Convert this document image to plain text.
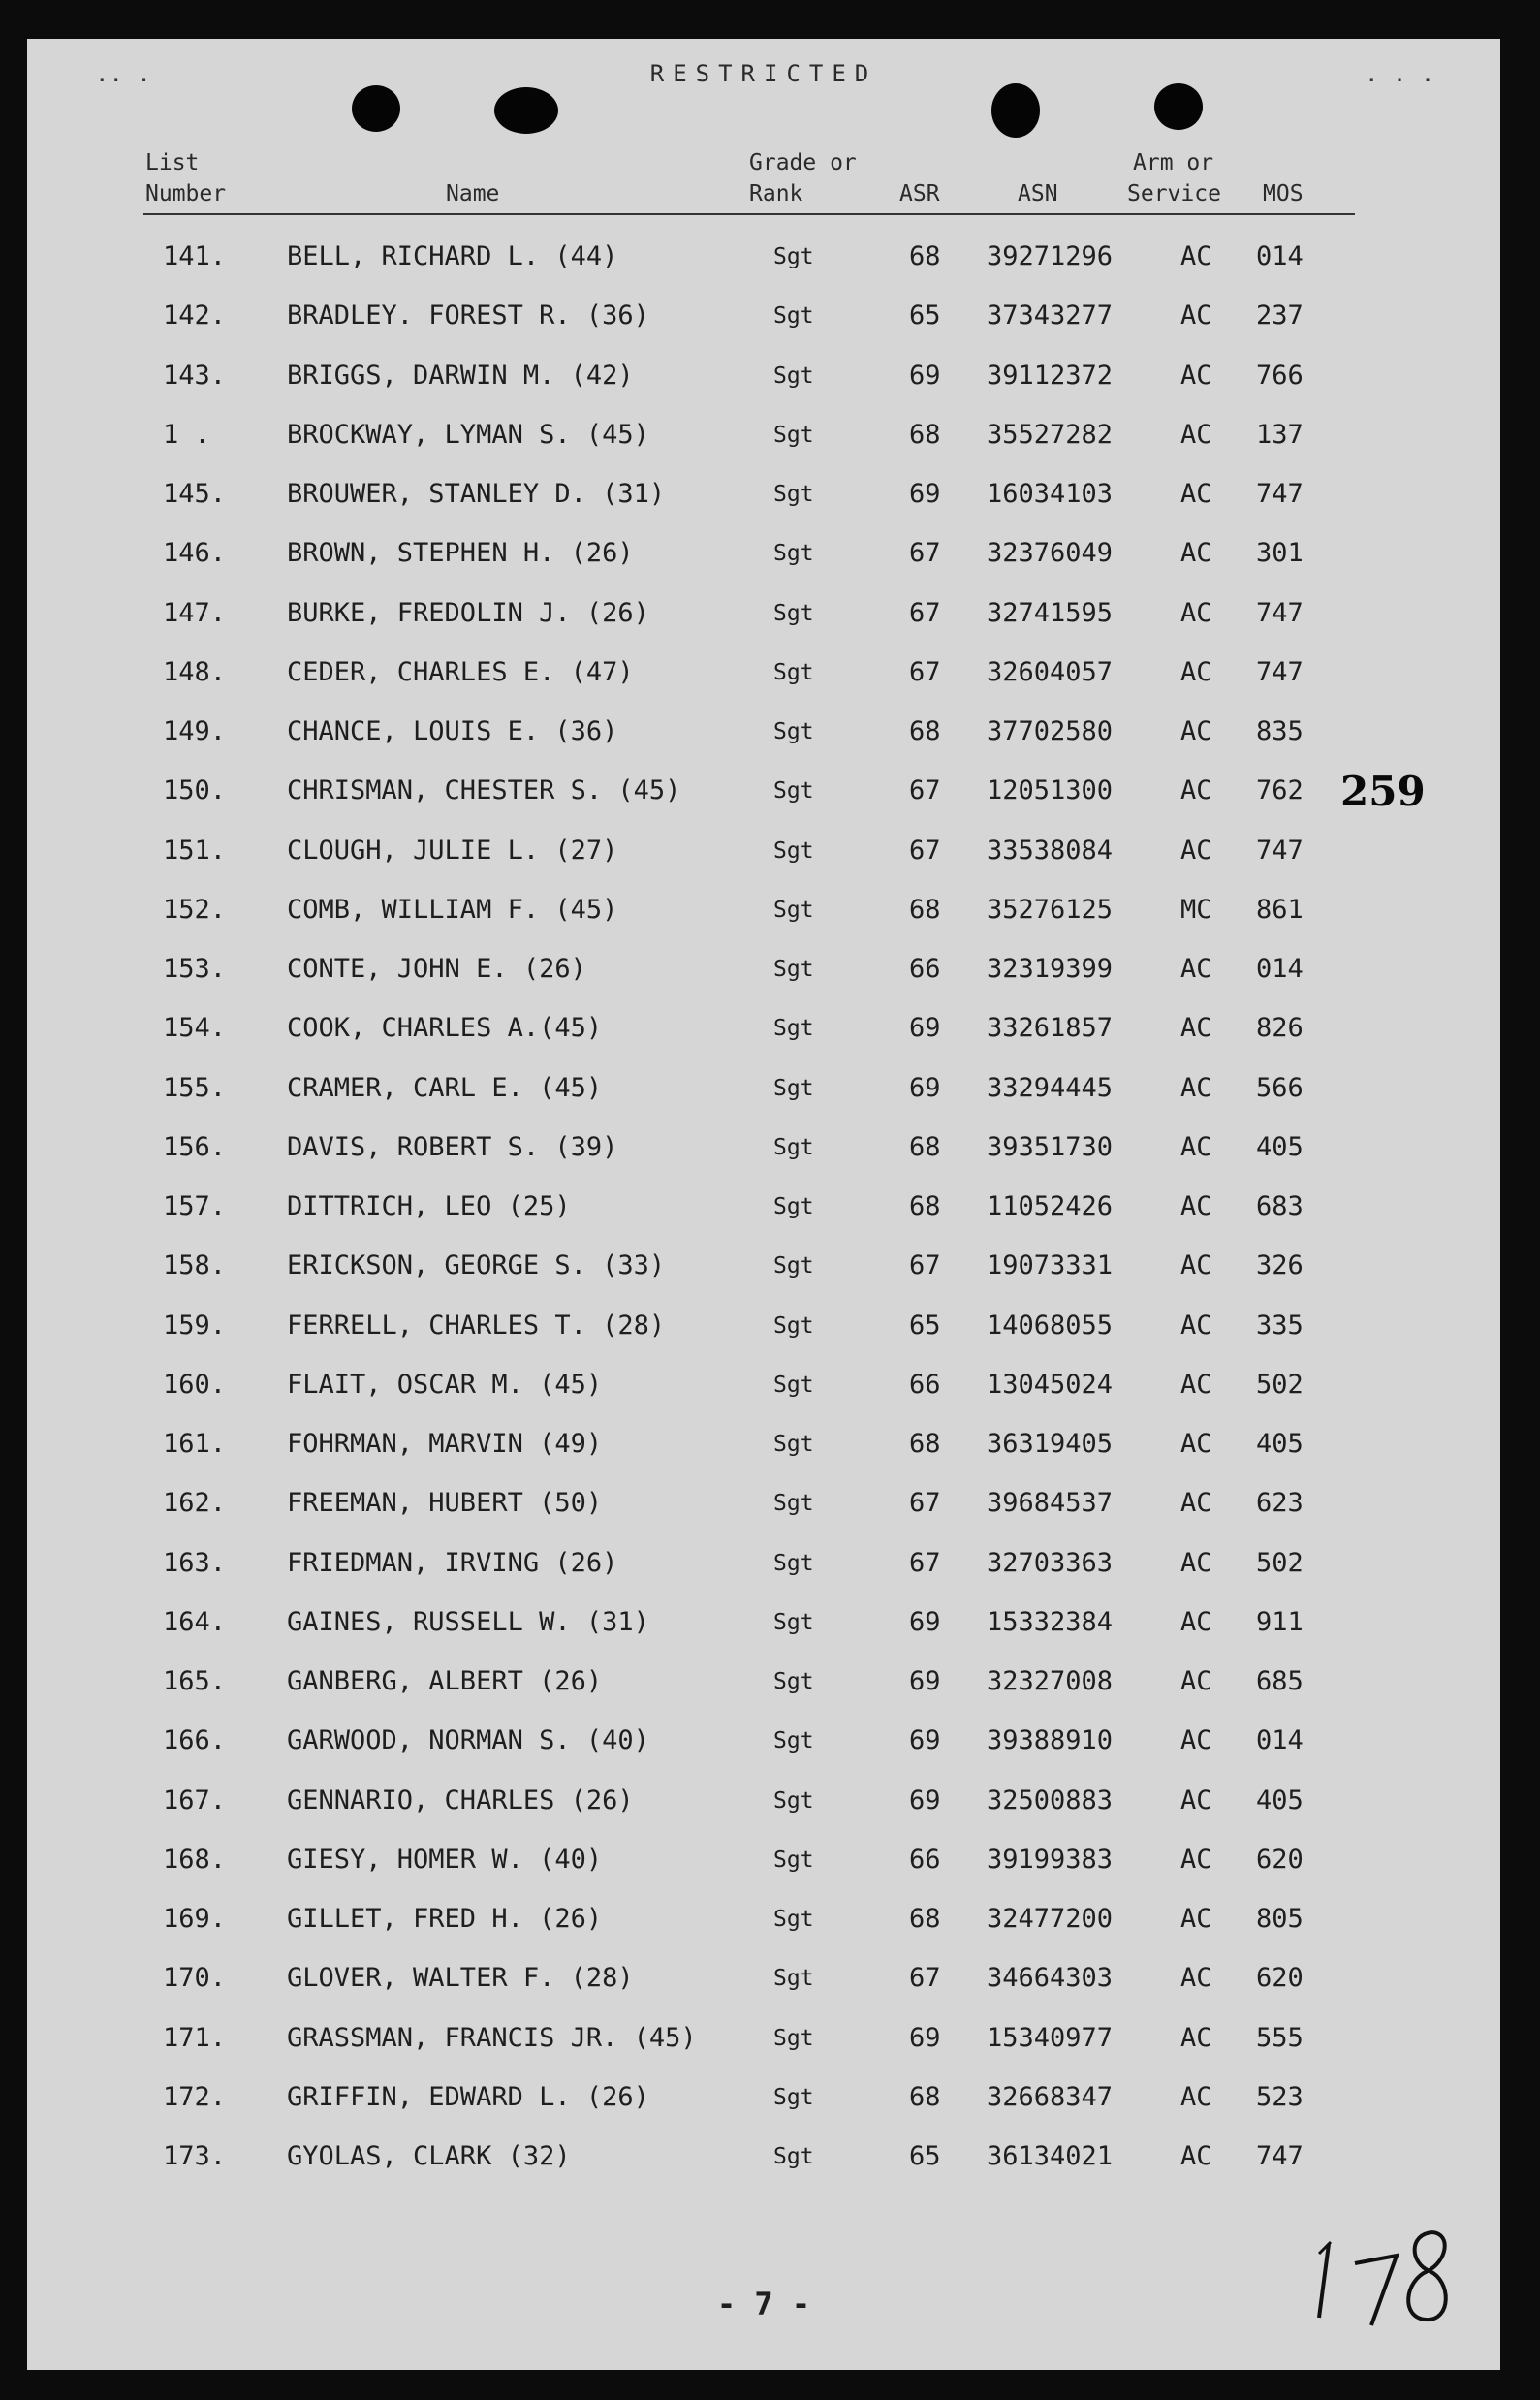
.. .	. . .
RESTRICTED
List
Number	Name
Grade or
Rank	ASR	ASN
Arm or
Service MOS
141. BELL, RICHARD L. (44)	Sgt	68 39271296	AC 014
142. BRADLEY. FOREST R. (36)	Sgt	65 37343277	AC 237
143. BRIGGS, DARWIN M. (42)	Sgt	69 39112372	AC 766
1 .	BROCKWAY, LYMAN S. (45)	Sgt	68 35527282	AC 137
145. BROUWER, STANLEY D. (31)	Sgt	69 16034103	AC 747
146. BROWN, STEPHEN H. (26)	Sgt	67 32376049	AC 301
147. BURKE, FREDOLIN J. (26)	Sgt	67 32741595	AC 747
148. CEDER, CHARLES E. (47)	Sgt	67 32604057	AC 747
149. CHANCE, LOUIS E. (36)	Sgt	68 37702580	AC 835
150. CHRISMAN, CHESTER S. (45)	Sgt	67 12051300	AC 762
151. CLOUGH, JULIE L. (27)	Sgt	67 33538084	AC 747
152. COMB, WILLIAM F. (45)	Sgt	68 35276125	MC 861
153. CONTE, JOHN E. (26)	Sgt	66 32319399	AC 014
154. COOK, CHARLES A.(45)	Sgt	69 33261857	AC 826
155. CRAMER, CARL E. (45)	Sgt	69 33294445	AC 566
156. DAVIS, ROBERT S. (39)	Sgt	68 39351730	AC 405
157. DITTRICH, LEO (25)	Sgt	68 11052426	AC 683
158. ERICKSON, GEORGE S. (33)	Sgt	67 19073331	AC 326
159. FERRELL, CHARLES T. (28)	Sgt	65 14068055	AC 335
160. FLAIT, OSCAR M. (45)	Sgt	66 13045024	AC 502
161. FOHRMAN, MARVIN (49)	Sgt	68 36319405	AC 405
162. FREEMAN, HUBERT (50)	Sgt	67 39684537	AC 623
163. FRIEDMAN, IRVING (26)	Sgt	67 32703363	AC 502
164. GAINES, RUSSELL W. (31)	Sgt	69 15332384	AC 911
165. GANBERG, ALBERT (26)	Sgt	69 32327008	AC 685
166. GARWOOD, NORMAN S. (40)	Sgt	69 39388910	AC 014
167. GENNARIO, CHARLES (26)	Sgt	69 32500883	AC 405
168. GIESY, HOMER W. (40)	Sgt	66 39199383	AC 620
169. GILLET, FRED H. (26)	Sgt	68 32477200	AC 805
170. GLOVER, WALTER F. (28)	Sgt	67 34664303	AC 620
171. GRASSMAN, FRANCIS JR. (45)	Sgt	69 15340977	AC 555
172. GRIFFIN, EDWARD L. (26)	Sgt	68 32668347	AC 523
173. GYOLAS, CLARK (32)	Sgt	65 36134021	AC 747
259
- 7 -
